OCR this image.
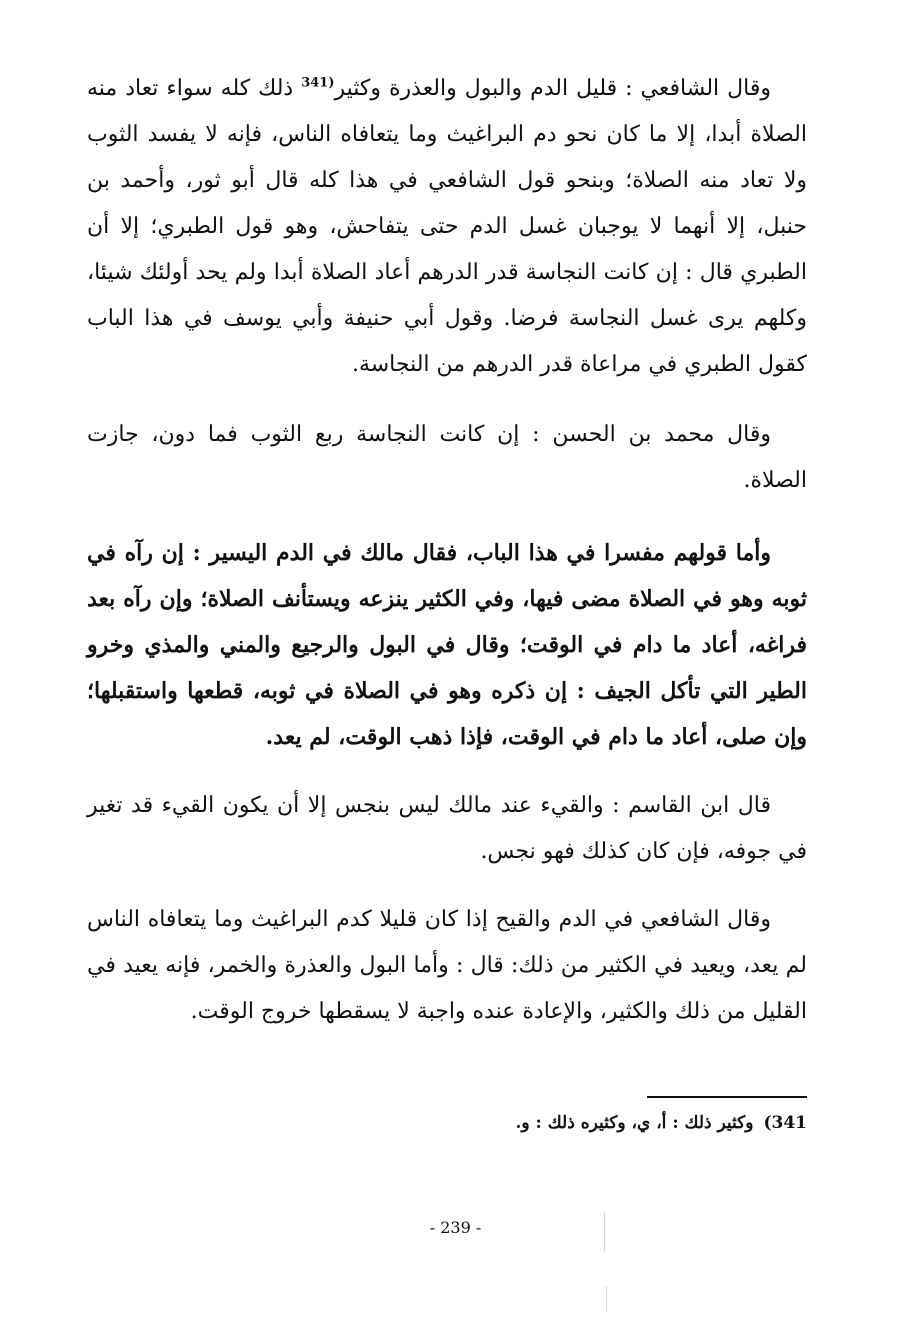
وقال الشافعي : قليل الدم والبول والعذرة وكثير$^{(341}$ ذلك كله سواء تعاد منه الصلاة أبدا، إلا ما كان نحو دم البراغيث وما يتعافاه الناس، فإنه لا يفسد الثوب ولا تعاد منه الصلاة؛ وبنحو قول الشافعي في هذا كله قال أبو ثور، وأحمد بن حنبل، إلا أنهما لا يوجبان غسل الدم حتى يتفاحش، وهو قول الطبري؛ إلا أن الطبري قال : إن كانت النجاسة قدر الدرهم أعاد الصلاة أبدا ولم يحد أولئك شيئا، وكلهم يرى غسل النجاسة فرضا. وقول أبي حنيفة وأبي يوسف في هذا الباب كقول الطبري في مراعاة قدر الدرهم من النجاسة.

وقال محمد بن الحسن : إن كانت النجاسة ربع الثوب فما دون، جازت الصلاة.

وأما قولهم مفسرا في هذا الباب، فقال مالك في الدم اليسير : إن رآه في ثوبه وهو في الصلاة مضى فيها، وفي الكثير ينزعه ويستأنف الصلاة؛ وإن رآه بعد فراغه، أعاد ما دام في الوقت؛ وقال في البول والرجيع والمني والمذي وخرو الطير التي تأكل الجيف : إن ذكره وهو في الصلاة في ثوبه، قطعها واستقبلها؛ وإن صلى، أعاد ما دام في الوقت، فإذا ذهب الوقت، لم يعد.

قال ابن القاسم : والقيء عند مالك ليس بنجس إلا أن يكون القيء قد تغير في جوفه، فإن كان كذلك فهو نجس.

وقال الشافعي في الدم والقيح إذا كان قليلا كدم البراغيث وما يتعافاه الناس لم يعد، ويعيد في الكثير من ذلك: قال : وأما البول والعذرة والخمر، فإنه يعيد في القليل من ذلك والكثير، والإعادة عنده واجبة لا يسقطها خروج الوقت.

(341وكثير ذلك : أ، ي، وكثيره ذلك : و.

- 239 -
